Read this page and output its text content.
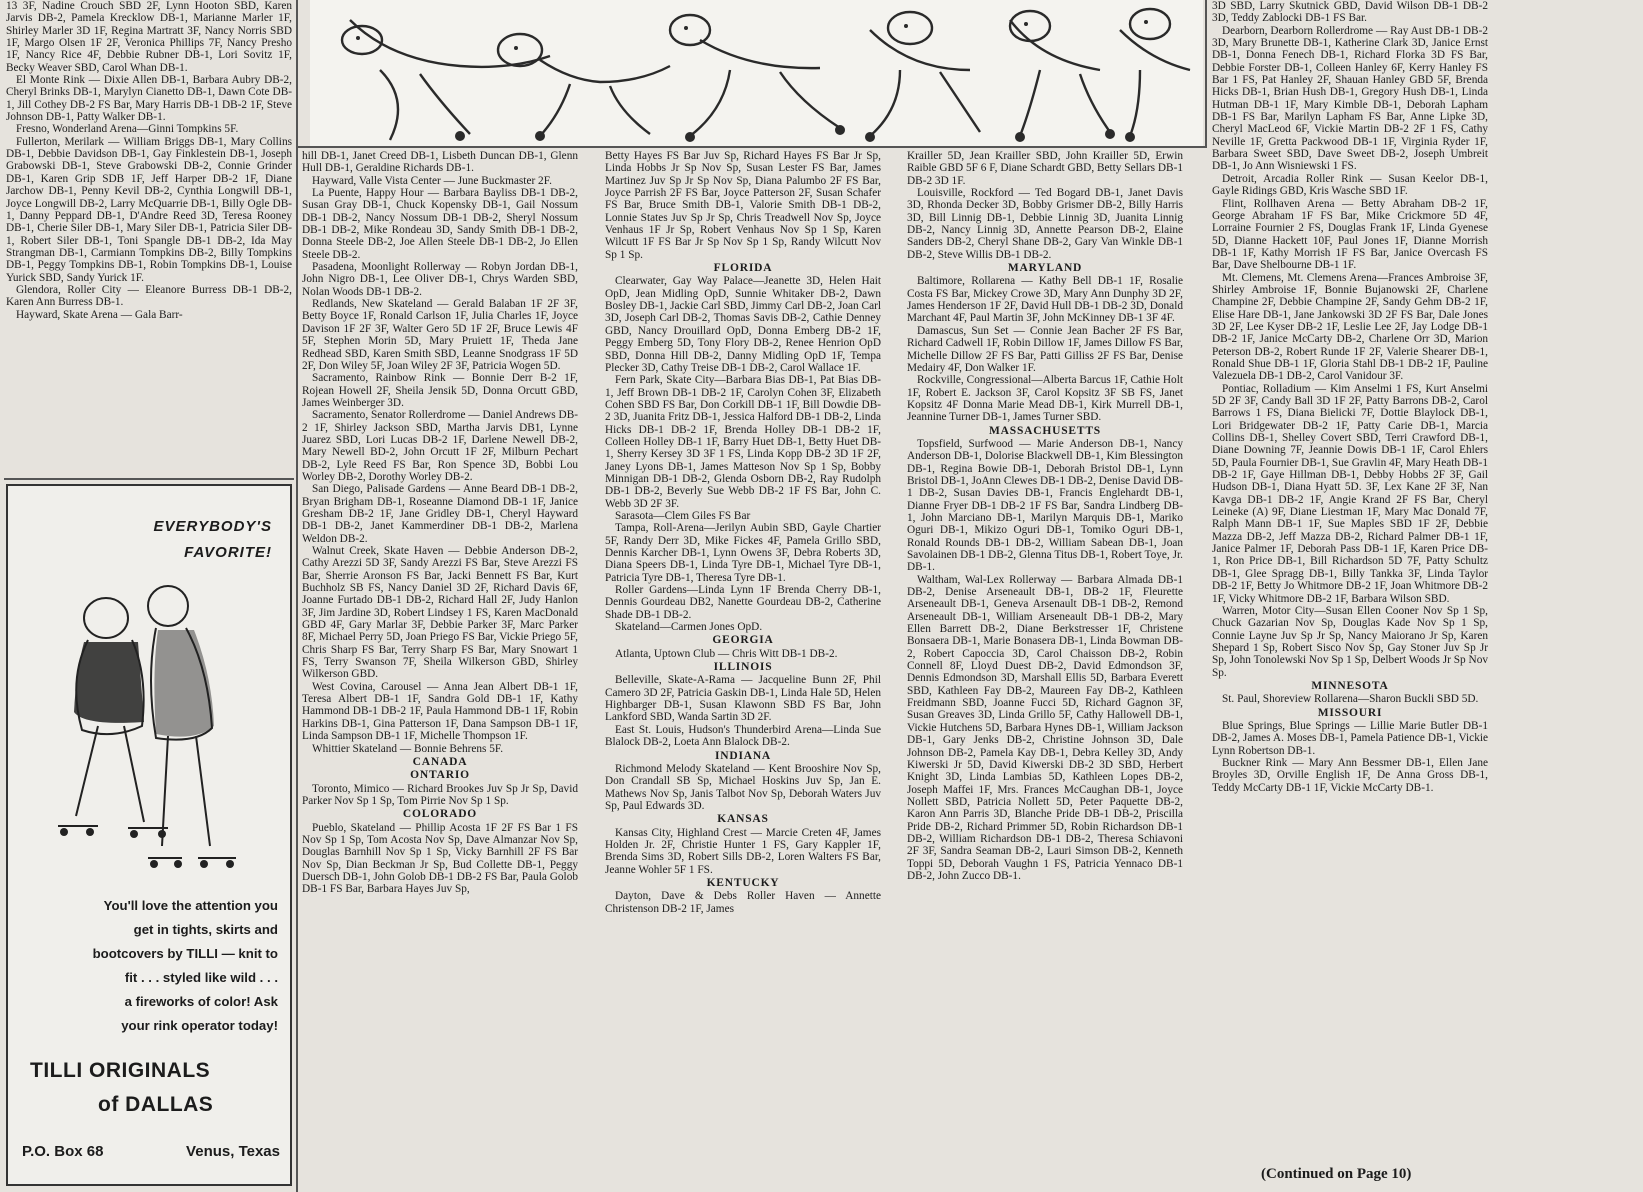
13 3F, Nadine Crouch SBD 2F, Lynn Hooton SBD, Karen Jarvis DB-2, Pamela Krecklow DB-1, Marianne Marler 1F, Shirley Marler 3D 1F, Regina Martratt 3F, Nancy Norris SBD 1F, Margo Olsen 1F 2F, Veronica Phillips 7F, Nancy Presho 1F, Nancy Rice 4F, Debbie Rubner DB-1, Lori Sovitz 1F, Becky Weaver SBD, Carol Whan DB-1.

El Monte Rink — Dixie Allen DB-1, Barbara Aubry DB-2, Cheryl Brinks DB-1, Marylyn Cianetto DB-1, Dawn Cote DB-1, Jill Cothey DB-2 FS Bar, Mary Harris DB-1 DB-2 1F, Steve Johnson DB-1, Patty Walker DB-1.

Fresno, Wonderland Arena—Ginni Tompkins 5F.

Fullerton, Merilark — William Briggs DB-1, Mary Collins DB-1, Debbie Davidson DB-1, Gay Finklestein DB-1, Joseph Grabowski DB-1, Steve Grabowski DB-2, Connie Grinder DB-1, Karen Grip SDB 1F, Jeff Harper DB-2 1F, Diane Jarchow DB-1, Penny Kevil DB-2, Cynthia Longwill DB-1, Joyce Longwill DB-2, Larry McQuarrie DB-1, Billy Ogle DB-1, Danny Peppard DB-1, D'Andre Reed 3D, Teresa Rooney DB-1, Cherie Siler DB-1, Mary Siler DB-1, Patricia Siler DB-1, Robert Siler DB-1, Toni Spangle DB-1 DB-2, Ida May Strangman DB-1, Carmiann Tompkins DB-2, Billy Tompkins DB-1, Peggy Tompkins DB-1, Robin Tompkins DB-1, Louise Yurick SBD, Sandy Yurick 1F.

Glendora, Roller City — Eleanore Burress DB-1 DB-2, Karen Ann Burress DB-1.

Hayward, Skate Arena — Gala Barr-

EVERYBODY'S
FAVORITE!
You'll love the attention you
get in tights, skirts and
bootcovers by TILLI — knit to
fit . . . styled like wild . . .
a fireworks of color! Ask
your rink operator today!
TILLI ORIGINALS
of DALLAS
P.O. Box 68	Venus, Texas

hill DB-1, Janet Creed DB-1, Lisbeth Duncan DB-1, Glenn Hull DB-1, Geraldine Richards DB-1.

Hayward, Valle Vista Center — June Buckmaster 2F.

La Puente, Happy Hour — Barbara Bayliss DB-1 DB-2, Susan Gray DB-1, Chuck Kopensky DB-1, Gail Nossum DB-1 DB-2, Nancy Nossum DB-1 DB-2, Sheryl Nossum DB-1 DB-2, Mike Rondeau 3D, Sandy Smith DB-1 DB-2, Donna Steele DB-2, Joe Allen Steele DB-1 DB-2, Jo Ellen Steele DB-2.

Pasadena, Moonlight Rollerway — Robyn Jordan DB-1, John Nigro DB-1, Lee Oliver DB-1, Chrys Warden SBD, Nolan Woods DB-1 DB-2.

Redlands, New Skateland — Gerald Balaban 1F 2F 3F, Betty Boyce 1F, Ronald Carlson 1F, Julia Charles 1F, Joyce Davison 1F 2F 3F, Walter Gero 5D 1F 2F, Bruce Lewis 4F 5F, Stephen Morin 5D, Mary Pruiett 1F, Theda Jane Redhead SBD, Karen Smith SBD, Leanne Snodgrass 1F 5D 2F, Don Wiley 5F, Joan Wiley 2F 3F, Patricia Wogen 5D.

Sacramento, Rainbow Rink — Bonnie Derr B-2 1F, Rojean Howell 2F, Sheila Jensik 5D, Donna Orcutt GBD, James Weinberger 3D.

Sacramento, Senator Rollerdrome — Daniel Andrews DB-2 1F, Shirley Jackson SBD, Martha Jarvis DB1, Lynne Juarez SBD, Lori Lucas DB-2 1F, Darlene Newell DB-2, Mary Newell BD-2, John Orcutt 1F 2F, Milburn Pechart DB-2, Lyle Reed FS Bar, Ron Spence 3D, Bobbi Lou Worley DB-2, Dorothy Worley DB-2.

San Diego, Palisade Gardens — Anne Beard DB-1 DB-2, Bryan Brigham DB-1, Roseanne Diamond DB-1 1F, Janice Gresham DB-2 1F, Jane Gridley DB-1, Cheryl Hayward DB-1 DB-2, Janet Kammerdiner DB-1 DB-2, Marlena Weldon DB-2.

Walnut Creek, Skate Haven — Debbie Anderson DB-2, Cathy Arezzi 5D 3F, Sandy Arezzi FS Bar, Steve Arezzi FS Bar, Sherrie Aronson FS Bar, Jacki Bennett FS Bar, Kurt Buchholz SB FS, Nancy Daniel 3D 2F, Richard Davis 6F, Joanne Furtado DB-1 DB-2, Richard Hall 2F, Judy Hanlon 3F, Jim Jardine 3D, Robert Lindsey 1 FS, Karen MacDonald GBD 4F, Gary Marlar 3F, Debbie Parker 3F, Marc Parker 8F, Michael Perry 5D, Joan Priego FS Bar, Vickie Priego 5F, Chris Sharp FS Bar, Terry Sharp FS Bar, Mary Snowart 1 FS, Terry Swanson 7F, Sheila Wilkerson GBD, Shirley Wilkerson GBD.

West Covina, Carousel — Anna Jean Albert DB-1 1F, Teresa Albert DB-1 1F, Sandra Gold DB-1 1F, Kathy Hammond DB-1 DB-2 1F, Paula Hammond DB-1 1F, Robin Harkins DB-1, Gina Patterson 1F, Dana Sampson DB-1 1F, Linda Sampson DB-1 1F, Michelle Thompson 1F.

Whittier Skateland — Bonnie Behrens 5F.

CANADA
ONTARIO

Toronto, Mimico — Richard Brookes Juv Sp Jr Sp, David Parker Nov Sp 1 Sp, Tom Pirrie Nov Sp 1 Sp.

COLORADO

Pueblo, Skateland — Phillip Acosta 1F 2F FS Bar 1 FS Nov Sp 1 Sp, Tom Acosta Nov Sp, Dave Almanzar Nov Sp, Douglas Barnhill Nov Sp 1 Sp, Vicky Barnhill 2F FS Bar Nov Sp, Dian Beckman Jr Sp, Bud Collette DB-1, Peggy Duersch DB-1, John Golob DB-1 DB-2 FS Bar, Paula Golob DB-1 FS Bar, Barbara Hayes Juv Sp,

Betty Hayes FS Bar Juv Sp, Richard Hayes FS Bar Jr Sp, Linda Hobbs Jr Sp Nov Sp, Susan Lester FS Bar, James Martinez Juv Sp Jr Sp Nov Sp, Diana Palumbo 2F FS Bar, Joyce Parrish 2F FS Bar, Joyce Patterson 2F, Susan Schafer FS Bar, Bruce Smith DB-1, Valorie Smith DB-1 DB-2, Lonnie States Juv Sp Jr Sp, Chris Treadwell Nov Sp, Joyce Venhaus 1F Jr Sp, Robert Venhaus Nov Sp 1 Sp, Karen Wilcutt 1F FS Bar Jr Sp Nov Sp 1 Sp, Randy Wilcutt Nov Sp 1 Sp.

FLORIDA

Clearwater, Gay Way Palace—Jeanette 3D, Helen Hait OpD, Jean Midling OpD, Sunnie Whitaker DB-2, Dawn Bosley DB-1, Jackie Carl SBD, Jimmy Carl DB-2, Joan Carl 3D, Joseph Carl DB-2, Thomas Savis DB-2, Cathie Denney GBD, Nancy Drouillard OpD, Donna Emberg DB-2 1F, Peggy Emberg 5D, Tony Flory DB-2, Renee Henrion OpD SBD, Donna Hill DB-2, Danny Midling OpD 1F, Tempa Plecker 3D, Cathy Treise DB-1 DB-2, Carol Wallace 1F.

Fern Park, Skate City—Barbara Bias DB-1, Pat Bias DB-1, Jeff Brown DB-1 DB-2 1F, Carolyn Cohen 3F, Elizabeth Cohen SBD FS Bar, Don Corkill DB-1 1F, Bill Dowdie DB-2 3D, Juanita Fritz DB-1, Jessica Halford DB-1 DB-2, Linda Hicks DB-1 DB-2 1F, Brenda Holley DB-1 DB-2 1F, Colleen Holley DB-1 1F, Barry Huet DB-1, Betty Huet DB-1, Sherry Kersey 3D 3F 1 FS, Linda Kopp DB-2 3D 1F 2F, Janey Lyons DB-1, James Matteson Nov Sp 1 Sp, Bobby Minnigan DB-1 DB-2, Glenda Osborn DB-2, Ray Rudolph DB-1 DB-2, Beverly Sue Webb DB-2 1F FS Bar, John C. Webb 3D 2F 3F.

Sarasota—Clem Giles FS Bar

Tampa, Roll-Arena—Jerilyn Aubin SBD, Gayle Chartier 5F, Randy Derr 3D, Mike Fickes 4F, Pamela Grillo SBD, Dennis Karcher DB-1, Lynn Owens 3F, Debra Roberts 3D, Diana Speers DB-1, Linda Tyre DB-1, Michael Tyre DB-1, Patricia Tyre DB-1, Theresa Tyre DB-1.

Roller Gardens—Linda Lynn 1F Brenda Cherry DB-1, Dennis Gourdeau DB2, Nanette Gourdeau DB-2, Catherine Shade DB-1 DB-2.

Skateland—Carmen Jones OpD.

GEORGIA

Atlanta, Uptown Club — Chris Witt DB-1 DB-2.

ILLINOIS

Belleville, Skate-A-Rama — Jacqueline Bunn 2F, Phil Camero 3D 2F, Patricia Gaskin DB-1, Linda Hale 5D, Helen Highbarger DB-1, Susan Klawonn SBD FS Bar, John Lankford SBD, Wanda Sartin 3D 2F.

East St. Louis, Hudson's Thunderbird Arena—Linda Sue Blalock DB-2, Loeta Ann Blalock DB-2.

INDIANA

Richmond Melody Skateland — Kent Brooshire Nov Sp, Don Crandall SB Sp, Michael Hoskins Juv Sp, Jan E. Mathews Nov Sp, Janis Talbot Nov Sp, Deborah Waters Juv Sp, Paul Edwards 3D.

KANSAS

Kansas City, Highland Crest — Marcie Creten 4F, James Holden Jr. 2F, Christie Hunter 1 FS, Gary Kappler 1F, Brenda Sims 3D, Robert Sills DB-2, Loren Walters FS Bar, Jeanne Wohler 5F 1 FS.

KENTUCKY

Dayton, Dave & Debs Roller Haven — Annette Christenson DB-2 1F, James

Krailler 5D, Jean Krailler SBD, John Krailler 5D, Erwin Raible GBD 5F 6 F, Diane Schardt GBD, Betty Sellars DB-1 DB-2 3D 1F.

Louisville, Rockford — Ted Bogard DB-1, Janet Davis 3D, Rhonda Decker 3D, Bobby Grismer DB-2, Billy Harris 3D, Bill Linnig DB-1, Debbie Linnig 3D, Juanita Linnig DB-2, Nancy Linnig 3D, Annette Pearson DB-2, Elaine Sanders DB-2, Cheryl Shane DB-2, Gary Van Winkle DB-1 DB-2, Steve Willis DB-1 DB-2.

MARYLAND

Baltimore, Rollarena — Kathy Bell DB-1 1F, Rosalie Costa FS Bar, Mickey Crowe 3D, Mary Ann Dunphy 3D 2F, James Henderson 1F 2F, David Hull DB-1 DB-2 3D, Donald Marchant 4F, Paul Martin 3F, John McKinney DB-1 3F 4F.

Damascus, Sun Set — Connie Jean Bacher 2F FS Bar, Richard Cadwell 1F, Robin Dillow 1F, James Dillow FS Bar, Michelle Dillow 2F FS Bar, Patti Gilliss 2F FS Bar, Denise Medairy 4F, Don Walker 1F.

Rockville, Congressional—Alberta Barcus 1F, Cathie Holt 1F, Robert E. Jackson 3F, Carol Kopsitz 3F SB FS, Janet Kopsitz 4F Donna Marie Mead DB-1, Kirk Murrell DB-1, Jeannine Turner DB-1, James Turner SBD.

MASSACHUSETTS

Topsfield, Surfwood — Marie Anderson DB-1, Nancy Anderson DB-1, Dolorise Blackwell DB-1, Kim Blessington DB-1, Regina Bowie DB-1, Deborah Bristol DB-1, Lynn Bristol DB-1, JoAnn Clewes DB-1 DB-2, Denise David DB-1 DB-2, Susan Davies DB-1, Francis Englehardt DB-1, Dianne Fryer DB-1 DB-2 1F FS Bar, Sandra Lindberg DB-1, John Marciano DB-1, Marilyn Marquis DB-1, Mariko Oguri DB-1, Mikizo Oguri DB-1, Tomiko Oguri DB-1, Ronald Rounds DB-1 DB-2, William Sabean DB-1, Joan Savolainen DB-1 DB-2, Glenna Titus DB-1, Robert Toye, Jr. DB-1.

Waltham, Wal-Lex Rollerway — Barbara Almada DB-1 DB-2, Denise Arseneault DB-1, DB-2 1F, Fleurette Arseneault DB-1, Geneva Arsenault DB-1 DB-2, Remond Arseneault DB-1, William Arseneault DB-1 DB-2, Mary Ellen Barrett DB-2, Diane Berkstresser 1F, Christene Bonsaera DB-1, Marie Bonasera DB-1, Linda Bowman DB-2, Robert Capoccia 3D, Carol Chaisson DB-2, Robin Connell 8F, Lloyd Duest DB-2, David Edmondson 3F, Dennis Edmondson 3D, Marshall Ellis 5D, Barbara Everett SBD, Kathleen Fay DB-2, Maureen Fay DB-2, Kathleen Freidmann SBD, Joanne Fucci 5D, Richard Gagnon 3F, Susan Greaves 3D, Linda Grillo 5F, Cathy Hallowell DB-1, Vickie Hutchens 5D, Barbara Hynes DB-1, William Jackson DB-1, Gary Jenks DB-2, Christine Johnson 3D, Dale Johnson DB-2, Pamela Kay DB-1, Debra Kelley 3D, Andy Kiwerski Jr 5D, David Kiwerski DB-2 3D SBD, Herbert Knight 3D, Linda Lambias 5D, Kathleen Lopes DB-2, Joseph Maffei 1F, Mrs. Frances McCaughan DB-1, Joyce Nollett SBD, Patricia Nollett 5D, Peter Paquette DB-2, Karon Ann Parris 3D, Blanche Pride DB-1 DB-2, Priscilla Pride DB-2, Richard Primmer 5D, Robin Richardson DB-1 DB-2, William Richardson DB-1 DB-2, Theresa Schiavoni 2F 3F, Sandra Seaman DB-2, Lauri Simson DB-2, Kenneth Toppi 5D, Deborah Vaughn 1 FS, Patricia Yennaco DB-1 DB-2, John Zucco DB-1.

3D SBD, Larry Skutnick GBD, David Wilson DB-1 DB-2 3D, Teddy Zablocki DB-1 FS Bar.

Dearborn, Dearborn Rollerdrome — Ray Aust DB-1 DB-2 3D, Mary Brunette DB-1, Katherine Clark 3D, Janice Ernst DB-1, Donna Fenech DB-1, Richard Florka 3D FS Bar, Debbie Forster DB-1, Colleen Hanley 6F, Kerry Hanley FS Bar 1 FS, Pat Hanley 2F, Shauan Hanley GBD 5F, Brenda Hicks DB-1, Brian Hush DB-1, Gregory Hush DB-1, Linda Hutman DB-1 1F, Mary Kimble DB-1, Deborah Lapham DB-1 FS Bar, Marilyn Lapham FS Bar, Anne Lipke 3D, Cheryl MacLeod 6F, Vickie Martin DB-2 2F 1 FS, Cathy Neville 1F, Gretta Packwood DB-1 1F, Virginia Ryder 1F, Barbara Sweet SBD, Dave Sweet DB-2, Joseph Umbreit DB-1, Jo Ann Wisniewski 1 FS.

Detroit, Arcadia Roller Rink — Susan Keelor DB-1, Gayle Ridings GBD, Kris Wasche SBD 1F.

Flint, Rollhaven Arena — Betty Abraham DB-2 1F, George Abraham 1F FS Bar, Mike Crickmore 5D 4F, Lorraine Fournier 2 FS, Douglas Frank 1F, Linda Gyenese 5D, Dianne Hackett 10F, Paul Jones 1F, Dianne Morrish DB-1 1F, Kathy Morrish 1F FS Bar, Janice Overcash FS Bar, Dave Shelbourne DB-1 1F.

Mt. Clemens, Mt. Clemens Arena—Frances Ambroise 3F, Shirley Ambroise 1F, Bonnie Bujanowski 2F, Charlene Champine 2F, Debbie Champine 2F, Sandy Gehm DB-2 1F, Elise Hare DB-1, Jane Jankowski 3D 2F FS Bar, Dale Jones 3D 2F, Lee Kyser DB-2 1F, Leslie Lee 2F, Jay Lodge DB-1 DB-2 1F, Janice McCarty DB-2, Charlene Orr 3D, Marion Peterson DB-2, Robert Runde 1F 2F, Valerie Shearer DB-1, Ronald Shue DB-1 1F, Gloria Stahl DB-1 DB-2 1F, Pauline Valezuela DB-1 DB-2, Carol Vanidour 3F.

Pontiac, Rolladium — Kim Anselmi 1 FS, Kurt Anselmi 5D 2F 3F, Candy Ball 3D 1F 2F, Patty Barrons DB-2, Carol Barrows 1 FS, Diana Bielicki 7F, Dottie Blaylock DB-1, Lori Bridgewater DB-2 1F, Patty Carie DB-1, Marcia Collins DB-1, Shelley Covert SBD, Terri Crawford DB-1, Diane Downing 7F, Jeannie Dowis DB-1 1F, Carol Ehlers 5D, Paula Fournier DB-1, Sue Gravlin 4F, Mary Heath DB-1 DB-2 1F, Gaye Hillman DB-1, Debby Hobbs 2F 3F, Gail Hudson DB-1, Diana Hyatt 5D. 3F, Lex Kane 2F 3F, Nan Kavga DB-1 DB-2 1F, Angie Krand 2F FS Bar, Cheryl Leineke (A) 9F, Diane Liestman 1F, Mary Mac Donald 7F, Ralph Mann DB-1 1F, Sue Maples SBD 1F 2F, Debbie Mazza DB-2, Jeff Mazza DB-2, Richard Palmer DB-1 1F, Janice Palmer 1F, Deborah Pass DB-1 1F, Karen Price DB-1, Ron Price DB-1, Bill Richardson 5D 7F, Patty Schultz DB-1, Glee Spragg DB-1, Billy Tankka 3F, Linda Taylor DB-2 1F, Betty Jo Whitmore DB-2 1F, Joan Whitmore DB-2 1F, Vicky Whitmore DB-2 1F, Barbara Wilson SBD.

Warren, Motor City—Susan Ellen Cooner Nov Sp 1 Sp, Chuck Gazarian Nov Sp, Douglas Kade Nov Sp 1 Sp, Connie Layne Juv Sp Jr Sp, Nancy Maiorano Jr Sp, Karen Shepard 1 Sp, Robert Sisco Nov Sp, Gay Stoner Juv Sp Jr Sp, John Tonolewski Nov Sp 1 Sp, Delbert Woods Jr Sp Nov Sp.

MINNESOTA

St. Paul, Shoreview Rollarena—Sharon Buckli SBD 5D.

MISSOURI

Blue Springs, Blue Springs — Lillie Marie Butler DB-1 DB-2, James A. Moses DB-1, Pamela Patience DB-1, Vickie Lynn Robertson DB-1.

Buckner Rink — Mary Ann Bessmer DB-1, Ellen Jane Broyles 3D, Orville English 1F, De Anna Gross DB-1, Teddy McCarty DB-1 1F, Vickie McCarty DB-1.

(Continued on Page 10)
